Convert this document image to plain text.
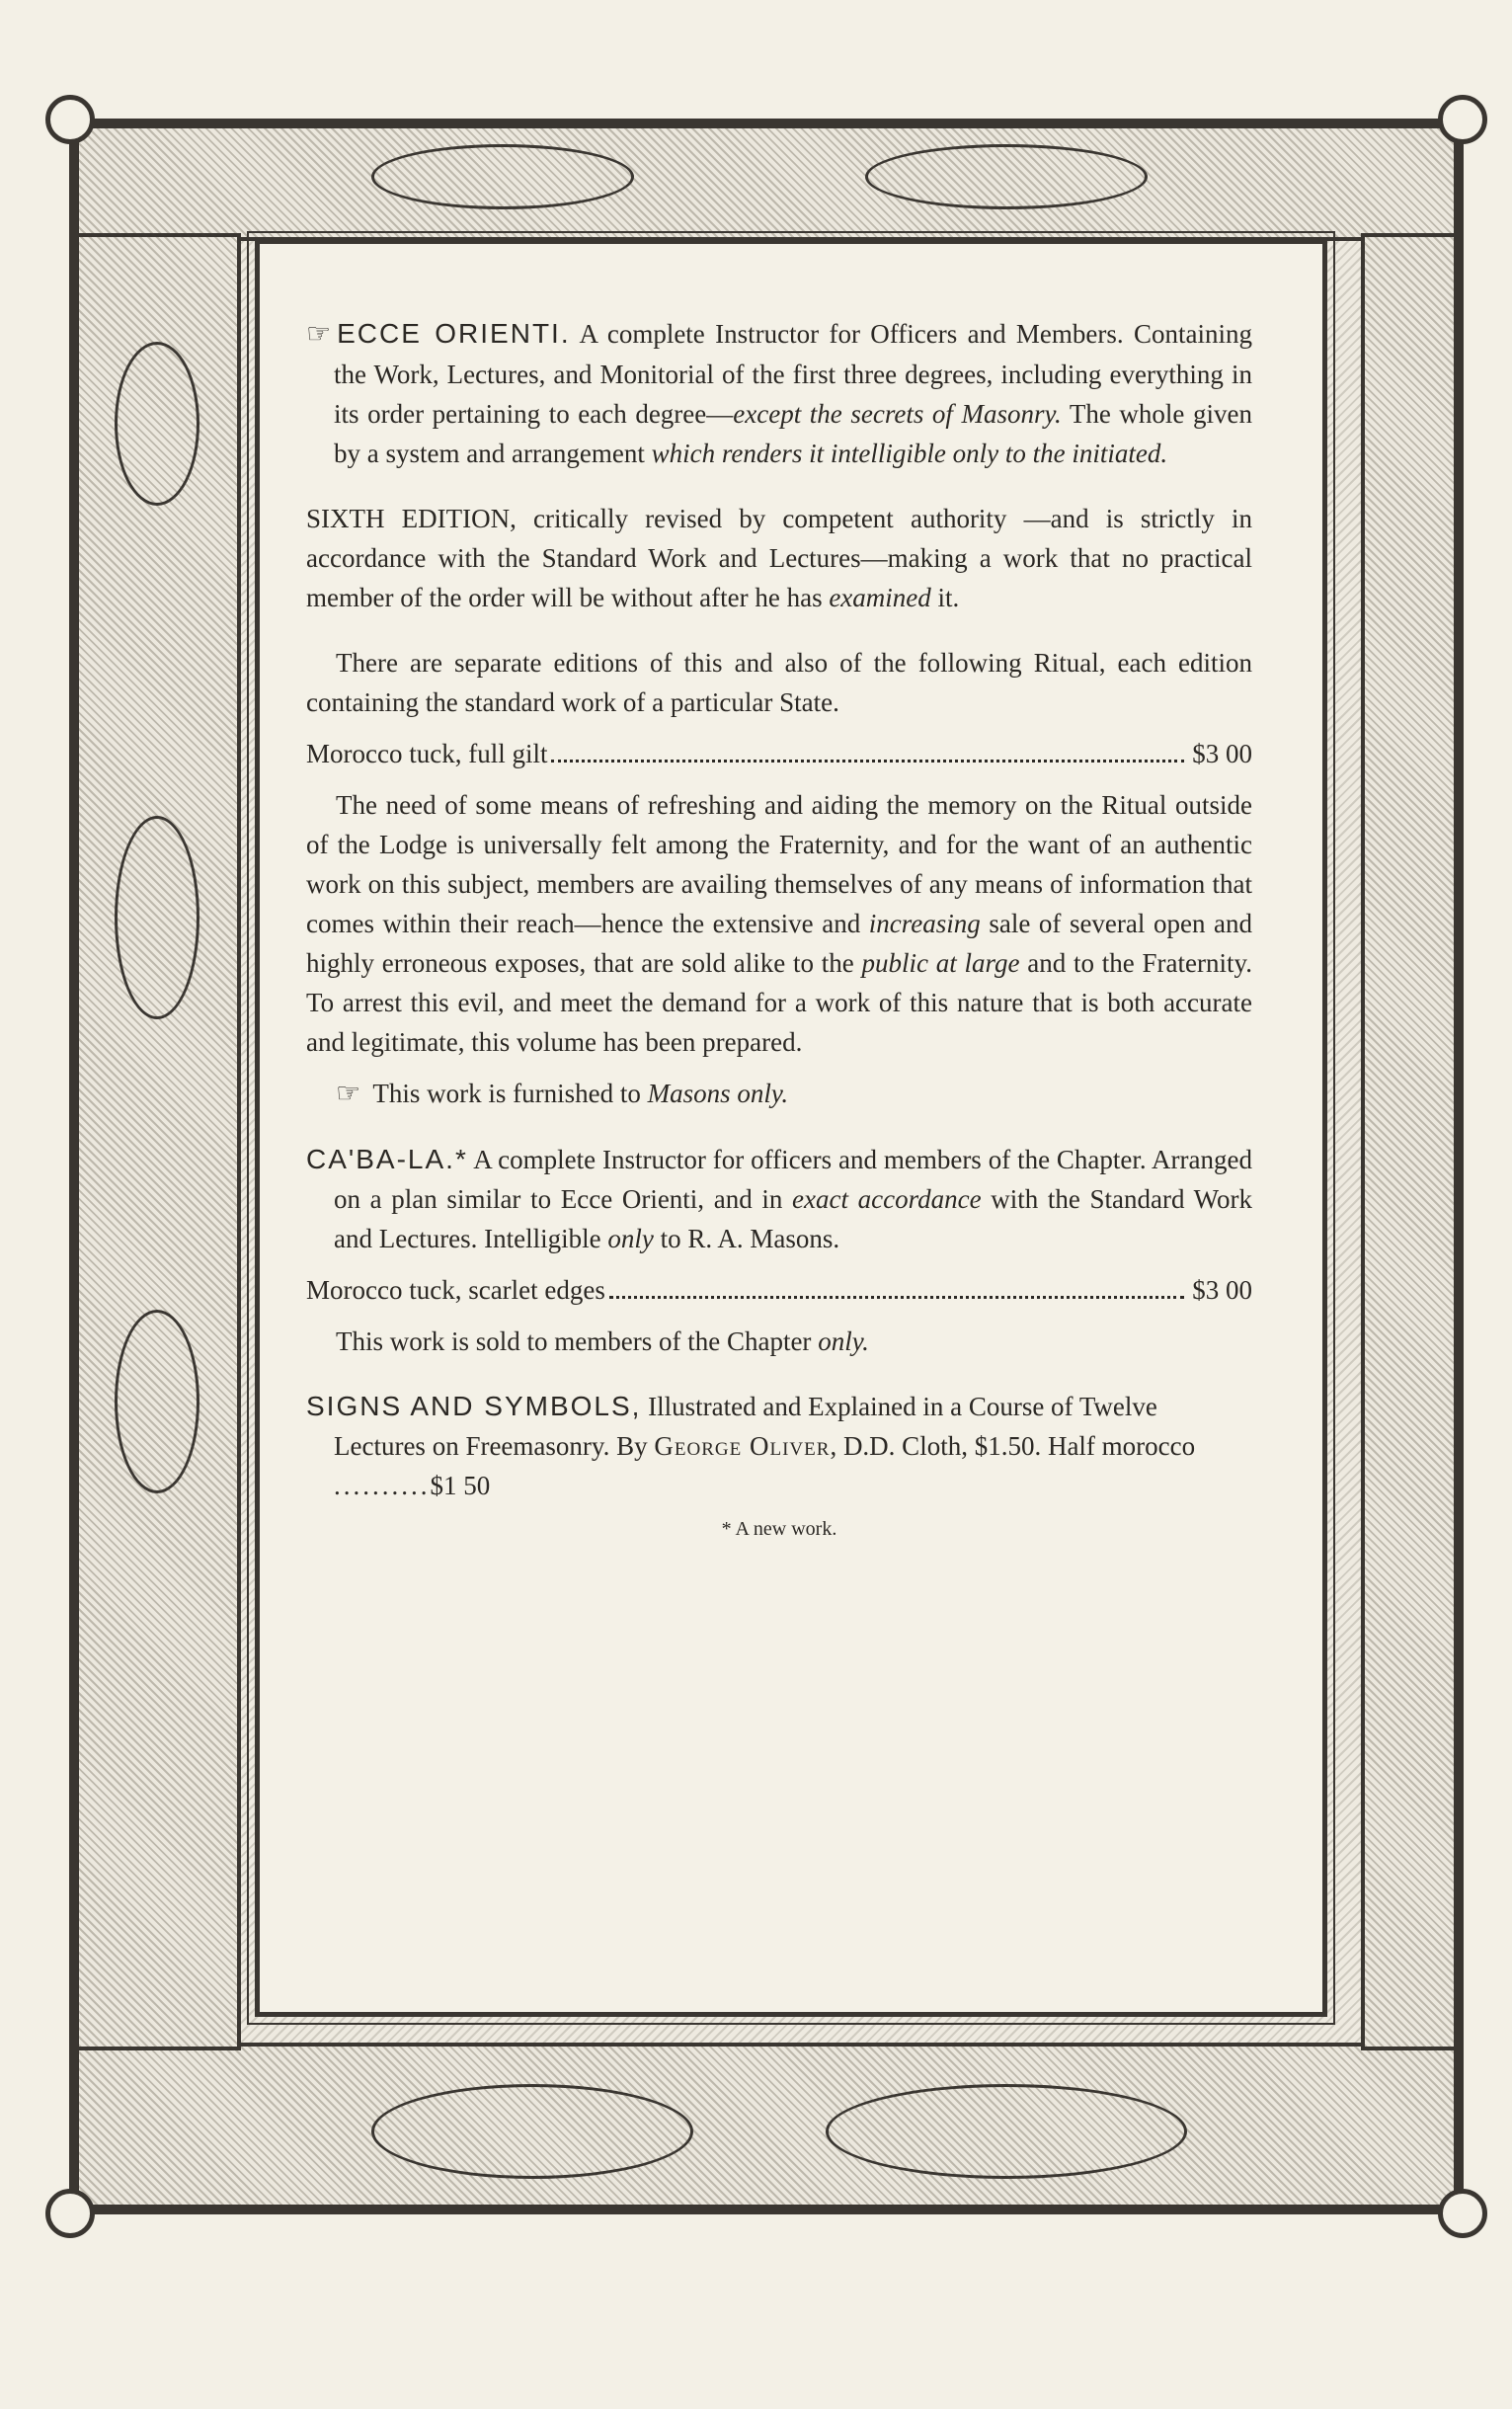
☞ ECCE ORIENTI. A complete Instructor for Officers and Members. Containing the Work, Lectures, and Monitorial of the first three degrees, including everything in its order pertaining to each degree—except the secrets of Masonry. The whole given by a system and arrangement which renders it intelligible only to the initiated.

SIXTH EDITION, critically revised by competent authority —and is strictly in accordance with the Standard Work and Lectures—making a work that no practical member of the order will be without after he has examined it.

There are separate editions of this and also of the following Ritual, each edition containing the standard work of a particular State.

Morocco tuck, full gilt	$3 00

The need of some means of refreshing and aiding the memory on the Ritual outside of the Lodge is universally felt among the Fraternity, and for the want of an authentic work on this subject, members are availing themselves of any means of information that comes within their reach—hence the extensive and increasing sale of several open and highly erroneous exposes, that are sold alike to the public at large and to the Fraternity. To arrest this evil, and meet the demand for a work of this nature that is both accurate and legitimate, this volume has been prepared.

☞ This work is furnished to Masons only.

CA'BA-LA.* A complete Instructor for officers and members of the Chapter. Arranged on a plan similar to Ecce Orienti, and in exact accordance with the Standard Work and Lectures. Intelligible only to R. A. Masons.

Morocco tuck, scarlet edges	$3 00

This work is sold to members of the Chapter only.

SIGNS AND SYMBOLS, Illustrated and Explained in a Course of Twelve Lectures on Freemasonry. By George Oliver, D.D. Cloth, $1.50. Half morocco ..........$1 50
* A new work.
